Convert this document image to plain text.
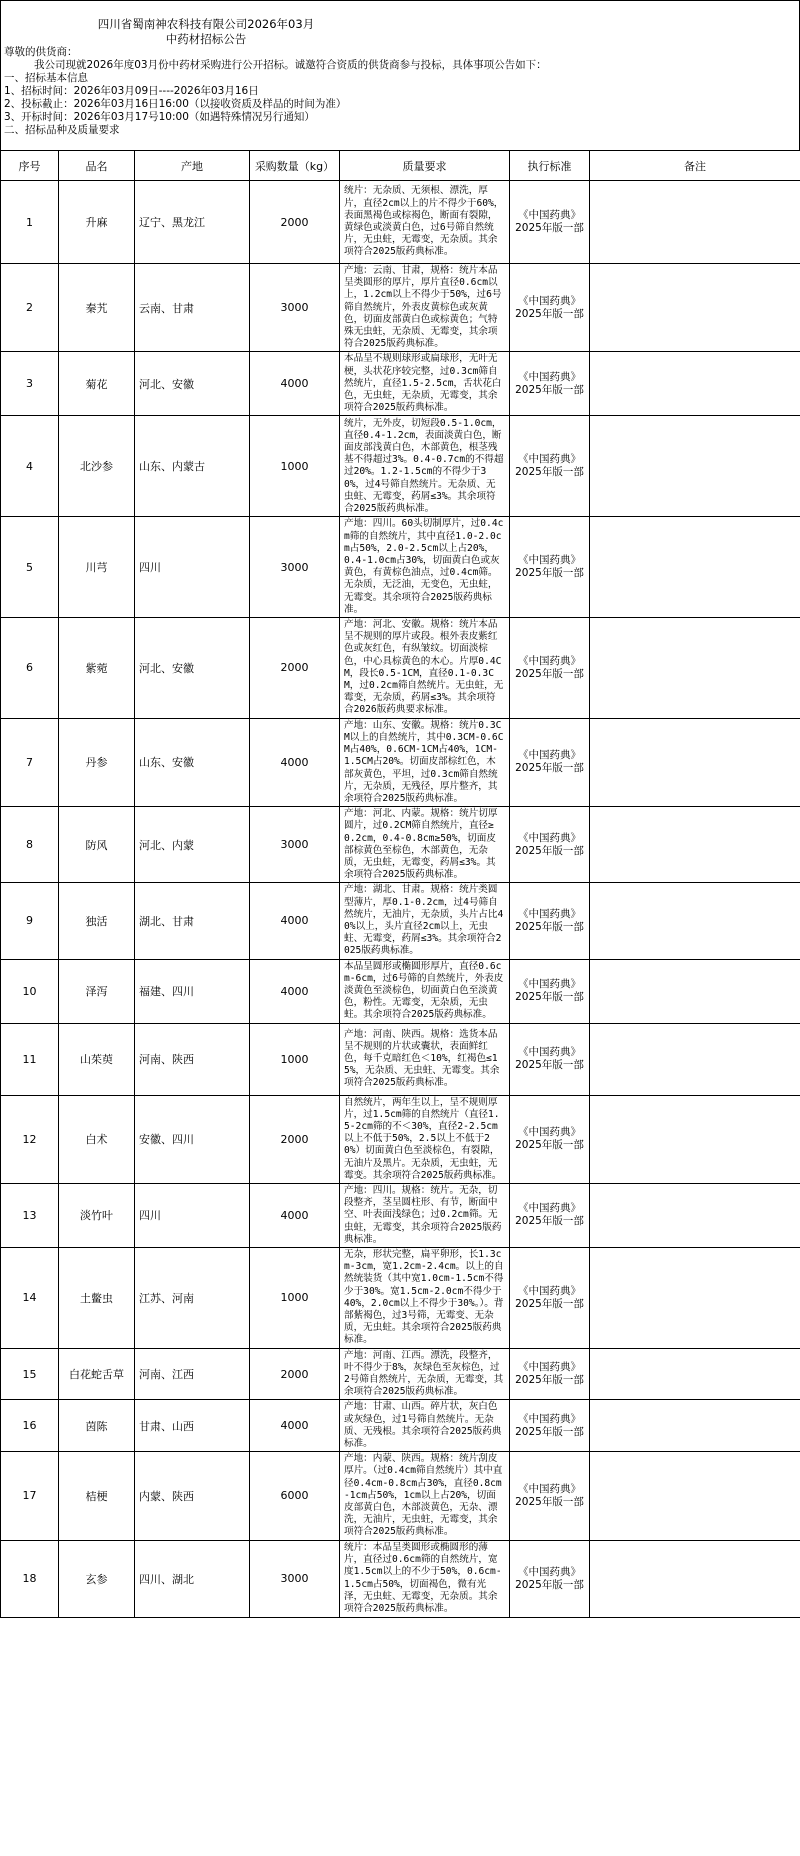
四川省蜀南神农科技有限公司2026年03月
中药材招标公告
尊敬的供货商：
我公司现就2026年度03月份中药材采购进行公开招标。诚邀符合资质的供货商参与投标，具体事项公告如下：
一、招标基本信息
1、招标时间：2026年03月09日----2026年03月16日
2、投标截止：2026年03月16日16:00（以接收资质及样品的时间为准）
3、开标时间：2026年03月17号10:00（如遇特殊情况另行通知）
二、招标品种及质量要求
序号	品名	产地	采购数量（kg）	质量要求	执行标准	备注
1	升麻	辽宁、黑龙江	2000	统片：无杂质、无须根、漂洗，厚片，直径2cm以上的片不得少于60%，表面黑褐色或棕褐色，断面有裂隙，黄绿色或淡黄白色，过6号筛自然统片，无虫蛀，无霉变，无杂质。其余项符合2025版药典标准。	《中国药典》
2025年版一部	

2	秦艽	云南、甘肃	3000	产地：云南、甘肃，规格：统片本品呈类圆形的厚片，厚片直径0.6cm以上，1.2cm以上不得少于50%，过6号筛自然统片，外表皮黄棕色或灰黄色，切面皮部黄白色或棕黄色；气特殊无虫蛀，无杂质、无霉变，其余项符合2025版药典标准。	《中国药典》
2025年版一部	

3	菊花	河北、安徽	4000	本品呈不规则球形或扁球形，无叶无梗，头状花序较完整，过0.3cm筛自然统片，直径1.5-2.5cm，舌状花白色，无虫蛀，无杂质，无霉变，其余项符合2025版药典标准。	《中国药典》
2025年版一部	

4	北沙参	山东、内蒙古	1000	统片，无外皮，切短段0.5-1.0cm，直径0.4-1.2cm，表面淡黄白色，断面皮部浅黄白色，木部黄色，根茎残基不得超过3%。0.4-0.7cm的不得超过20%。1.2-1.5cm的不得少于30%，过4号筛自然统片。无杂质、无虫蛀、无霉变，药屑≤3%。其余项符合2025版药典标准。	《中国药典》
2025年版一部	

5	川芎	四川	3000	产地：四川。60头切制厚片，过0.4cm筛的自然统片，其中直径1.0-2.0cm占50%，2.0-2.5cm以上占20%，0.4-1.0cm占30%，切面黄白色或灰黄色，有黄棕色油点，过0.4cm筛。无杂质，无泛油，无变色，无虫蛀，无霉变。其余项符合2025版药典标准。	《中国药典》
2025年版一部	

6	紫菀	河北、安徽	2000	产地：河北、安徽。规格：统片本品呈不规则的厚片或段。根外表皮紫红色或灰红色，有纵皱纹。切面淡棕色，中心具棕黄色的木心。片厚0.4CM，段长0.5-1CM，直径0.1-0.3CM，过0.2cm筛自然统片。无虫蛀，无霉变，无杂质，药屑≤3%。其余项符合2026版药典要求标准。	《中国药典》
2025年版一部	

7	丹参	山东、安徽	4000	产地：山东、安徽。规格：统片0.3CM以上的自然统片，其中0.3CM-0.6CM占40%，0.6CM-1CM占40%，1CM-1.5CM占20%。切面皮部棕红色，木部灰黄色，平坦，过0.3cm筛自然统片，无杂质，无残径，厚片整齐，其余项符合2025版药典标准。	《中国药典》
2025年版一部	

8	防风	河北、内蒙	3000	产地：河北、内蒙。规格：统片切厚圆片，过0.2CM筛自然统片，直径≥0.2cm，0.4-0.8cm≥50%，切面皮部棕黄色至棕色，木部黄色，无杂质，无虫蛀，无霉变，药屑≤3%。其余项符合2025版药典标准。	《中国药典》
2025年版一部	

9	独活	湖北、甘肃	4000	产地：湖北、甘肃。规格：统片类圆型薄片，厚0.1-0.2cm，过4号筛自然统片，无油片，无杂质，头片占比40%以上，头片直径2cm以上，无虫蛀、无霉变，药屑≤3%。其余项符合2025版药典标准。	《中国药典》
2025年版一部	

10	泽泻	福建、四川	4000	本品呈圆形或椭圆形厚片，直径0.6cm-6cm，过6号筛的自然统片，外表皮淡黄色至淡棕色，切面黄白色至淡黄色，粉性。无霉变，无杂质，无虫蛀。其余项符合2025版药典标准。	《中国药典》
2025年版一部	

11	山茱萸	河南、陕西	1000	产地：河南、陕西。规格：选货本品呈不规则的片状或囊状，表面鲜红色，每千克暗红色＜10%，红褐色≤15%，无杂质、无虫蛀、无霉变。其余项符合2025版药典标准。	《中国药典》
2025年版一部	

12	白术	安徽、四川	2000	自然统片，两年生以上，呈不规则厚片，过1.5cm筛的自然统片（直径1.5-2cm筛的不＜30%，直径2-2.5cm以上不低于50%，2.5以上不低于20%）切面黄白色至淡棕色，有裂隙，无油片及黑片。无杂质，无虫蛀，无霉变。其余项符合2025版药典标准。	《中国药典》
2025年版一部	

13	淡竹叶	四川	4000	产地：四川。规格：统片。无杂，切段整齐，茎呈圆柱形、有节，断面中空、叶表面浅绿色；过0.2cm筛。无虫蛀，无霉变，其余项符合2025版药典标准。	《中国药典》
2025年版一部	

14	土鳖虫	江苏、河南	1000	无杂，形状完整，扁平卵形，长1.3cm-3cm，宽1.2cm-2.4cm。以上的自然统装货（其中宽1.0cm-1.5cm不得少于30%。宽1.5cm-2.0cm不得少于40%，2.0cm以上不得少于30%。）。背部紫褐色，过3号筛，无霉变、无杂质，无虫蛀。其余项符合2025版药典标准。	《中国药典》
2025年版一部	

15	白花蛇舌草	河南、江西	2000	产地：河南、江西。漂洗，段整齐，叶不得少于8%，灰绿色至灰棕色，过2号筛自然统片，无杂质，无霉变，其余项符合2025版药典标准。	《中国药典》
2025年版一部	

16	茵陈	甘肃、山西	4000	产地：甘肃、山西。碎片状，灰白色或灰绿色，过1号筛自然统片。无杂质、无残根。其余项符合2025版药典标准。	《中国药典》
2025年版一部	

17	桔梗	内蒙、陕西	6000	产地：内蒙、陕西。规格：统片刮皮厚片。（过0.4cm筛自然统片）其中直径0.4cm-0.8cm占30%，直径0.8cm-1cm占50%，1cm以上占20%，切面皮部黄白色，木部淡黄色，无杂、漂洗，无油片，无虫蛀，无霉变，其余项符合2025版药典标准。	《中国药典》
2025年版一部	

18	玄参	四川、湖北	3000	统片：本品呈类圆形或椭圆形的薄片，直径过0.6cm筛的自然统片，宽度1.5cm以上的不少于50%，0.6cm-1.5cm占50%，切面褐色，微有光泽，无虫蛀、无霉变，无杂质。其余项符合2025版药典标准。	《中国药典》
2025年版一部	
